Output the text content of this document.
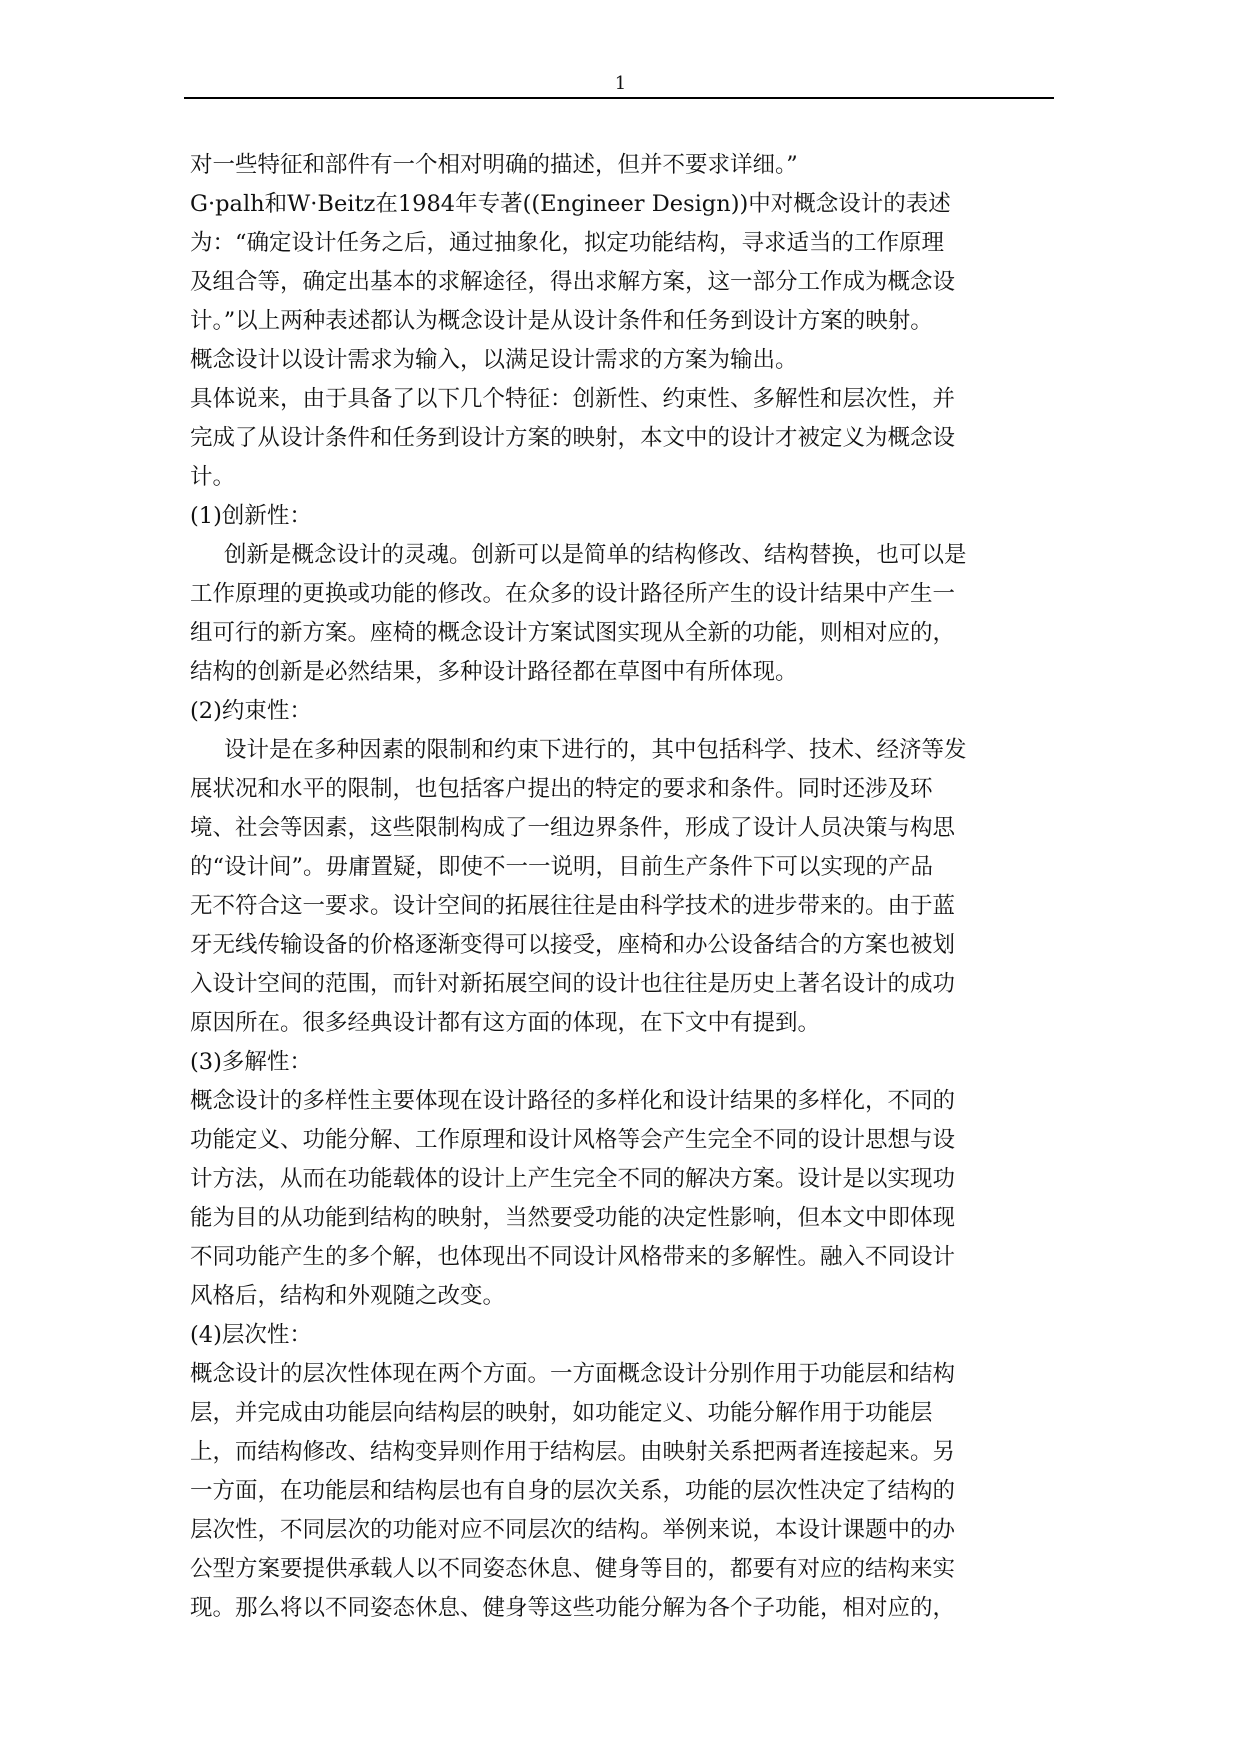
1
对一些特征和部件有一个相对明确的描述，但并不要求详细。”
G·palh和W·Beitz在1984年专著((Engineer Design))中对概念设计的表述
为：“确定设计任务之后，通过抽象化，拟定功能结构，寻求适当的工作原理
及组合等，确定出基本的求解途径，得出求解方案，这一部分工作成为概念设
计。”以上两种表述都认为概念设计是从设计条件和任务到设计方案的映射。
概念设计以设计需求为输入，以满足设计需求的方案为输出。
具体说来，由于具备了以下几个特征：创新性、约束性、多解性和层次性，并
完成了从设计条件和任务到设计方案的映射，本文中的设计才被定义为概念设
计。
(1)创新性：
创新是概念设计的灵魂。创新可以是简单的结构修改、结构替换，也可以是
工作原理的更换或功能的修改。在众多的设计路径所产生的设计结果中产生一
组可行的新方案。座椅的概念设计方案试图实现从全新的功能，则相对应的，
结构的创新是必然结果，多种设计路径都在草图中有所体现。
(2)约束性：
设计是在多种因素的限制和约束下进行的，其中包括科学、技术、经济等发
展状况和水平的限制，也包括客户提出的特定的要求和条件。同时还涉及环
境、社会等因素，这些限制构成了一组边界条件，形成了设计人员决策与构思
的“设计间”。毋庸置疑，即使不一一说明，目前生产条件下可以实现的产品
无不符合这一要求。设计空间的拓展往往是由科学技术的进步带来的。由于蓝
牙无线传输设备的价格逐渐变得可以接受，座椅和办公设备结合的方案也被划
入设计空间的范围，而针对新拓展空间的设计也往往是历史上著名设计的成功
原因所在。很多经典设计都有这方面的体现，在下文中有提到。
(3)多解性：
概念设计的多样性主要体现在设计路径的多样化和设计结果的多样化，不同的
功能定义、功能分解、工作原理和设计风格等会产生完全不同的设计思想与设
计方法，从而在功能载体的设计上产生完全不同的解决方案。设计是以实现功
能为目的从功能到结构的映射，当然要受功能的决定性影响，但本文中即体现
不同功能产生的多个解，也体现出不同设计风格带来的多解性。融入不同设计
风格后，结构和外观随之改变。
(4)层次性：
概念设计的层次性体现在两个方面。一方面概念设计分别作用于功能层和结构
层，并完成由功能层向结构层的映射，如功能定义、功能分解作用于功能层
上，而结构修改、结构变异则作用于结构层。由映射关系把两者连接起来。另
一方面，在功能层和结构层也有自身的层次关系，功能的层次性决定了结构的
层次性，不同层次的功能对应不同层次的结构。举例来说，本设计课题中的办
公型方案要提供承载人以不同姿态休息、健身等目的，都要有对应的结构来实
现。那么将以不同姿态休息、健身等这些功能分解为各个子功能，相对应的，
